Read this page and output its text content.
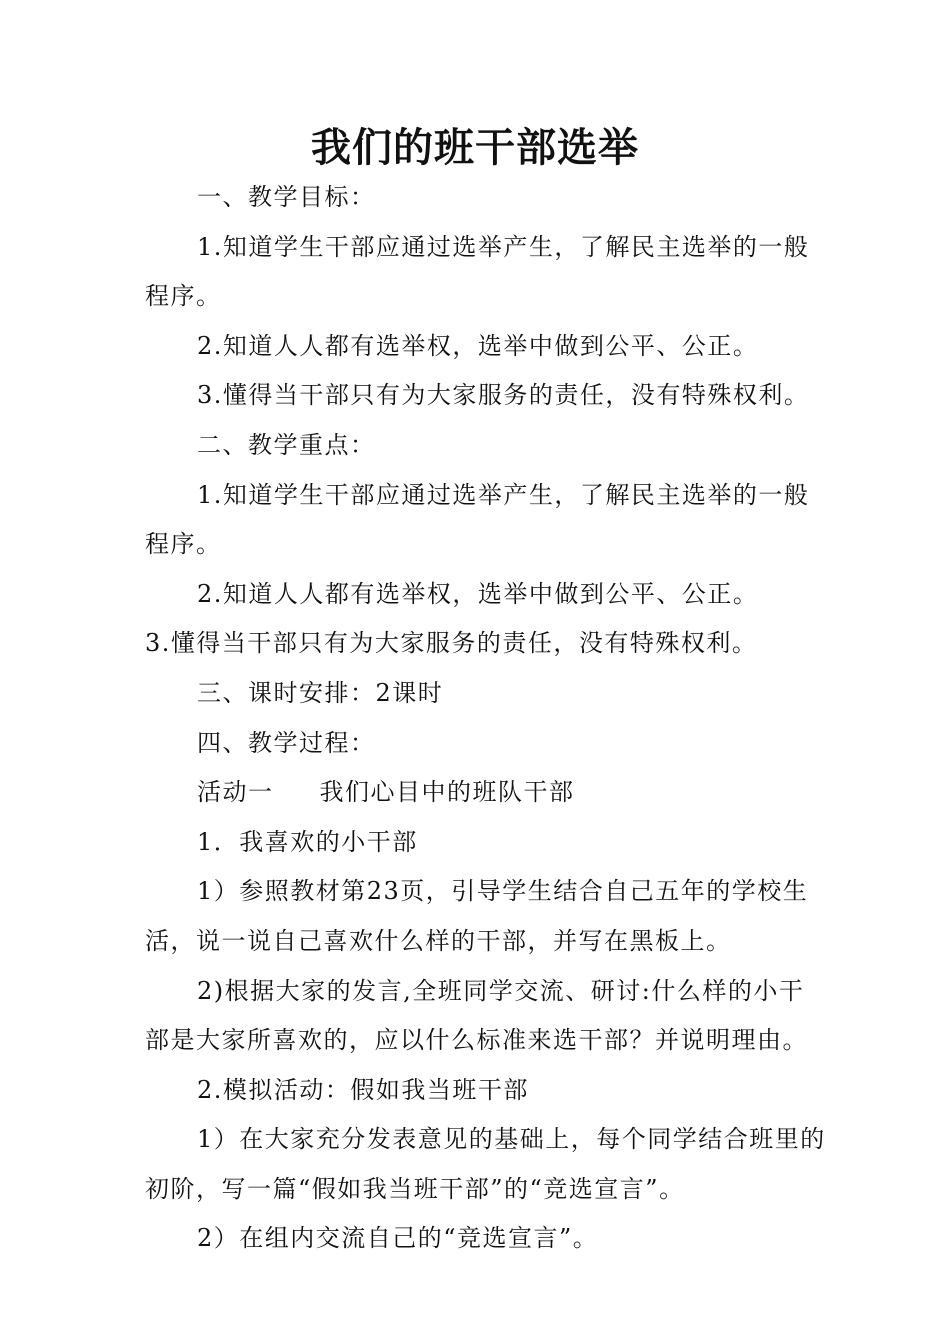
我们的班干部选举
一、教学目标：
1.知道学生干部应通过选举产生，了解民主选举的一般
程序。
2.知道人人都有选举权，选举中做到公平、公正。
3.懂得当干部只有为大家服务的责任，没有特殊权利。
二、教学重点：
1.知道学生干部应通过选举产生，了解民主选举的一般
程序。
2.知道人人都有选举权，选举中做到公平、公正。
3.懂得当干部只有为大家服务的责任，没有特殊权利。
三、课时安排：2课时
四、教学过程：
活动一 我们心目中的班队干部
1．我喜欢的小干部
1）参照教材第23页，引导学生结合自己五年的学校生
活，说一说自己喜欢什么样的干部，并写在黑板上。
2)根据大家的发言,全班同学交流、研讨:什么样的小干
部是大家所喜欢的，应以什么标准来选干部？并说明理由。
2.模拟活动：假如我当班干部
1）在大家充分发表意见的基础上，每个同学结合班里的
初阶，写一篇“假如我当班干部”的“竞选宣言”。
2）在组内交流自己的“竞选宣言”。
